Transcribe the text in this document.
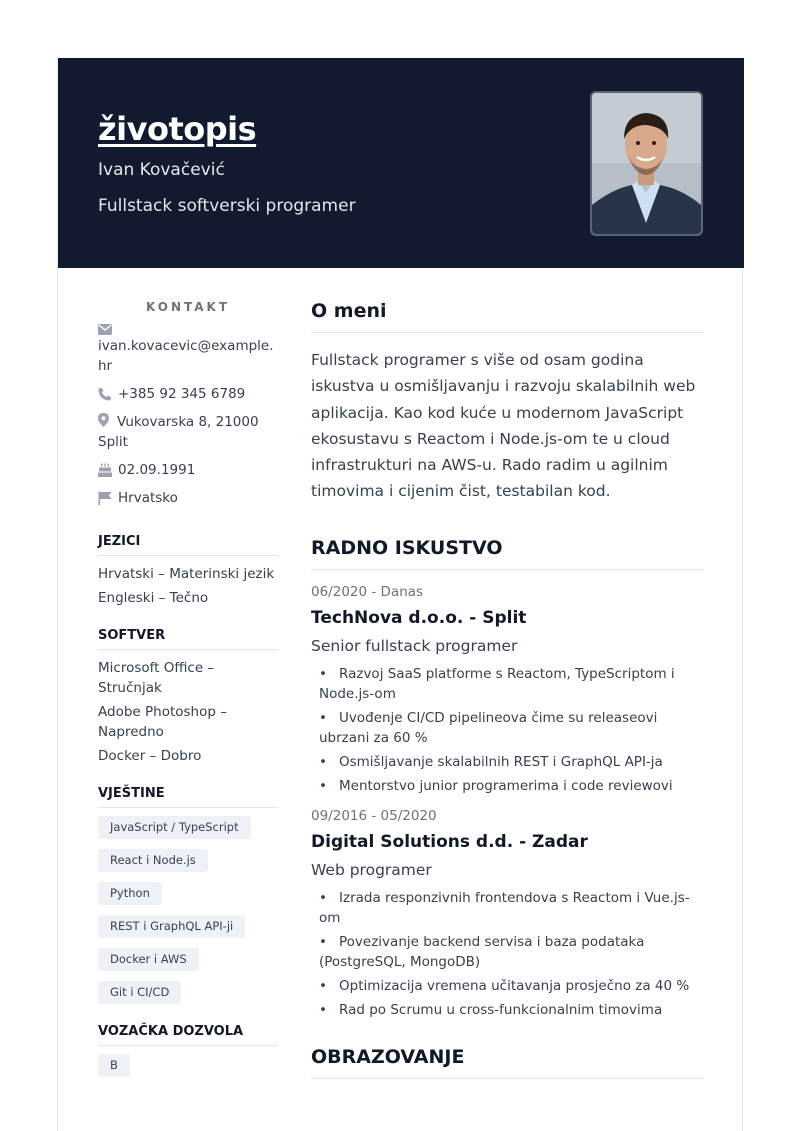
životopis
Ivan Kovačević
Fullstack softverski programer
KONTAKT
ivan.kovacevic@example.hr
+385 92 345 6789
Vukovarska 8, 21000 Split
02.09.1991
Hrvatsko
JEZICI
Hrvatski – Materinski jezik
Engleski – Tečno
SOFTVER
Microsoft Office – Stručnjak
Adobe Photoshop – Napredno
Docker – Dobro
VJEŠTINE
JavaScript / TypeScript
React i Node.js
Python
REST i GraphQL API-ji
Docker i AWS
Git i CI/CD
VOZAČKA DOZVOLA
B
O meni

Fullstack programer s više od osam godina iskustva u osmišljavanju i razvoju skalabilnih web aplikacija. Kao kod kuće u modernom JavaScript ekosustavu s Reactom i Node.js-om te u cloud infrastrukturi na AWS-u. Rado radim u agilnim timovima i cijenim čist, testabilan kod.

RADNO ISKUSTVO
06/2020 - Danas
TechNova d.o.o. - Split
Senior fullstack programer
• Razvoj SaaS platforme s Reactom, TypeScriptom i Node.js-om
• Uvođenje CI/CD pipelineova čime su releaseovi ubrzani za 60 %
• Osmišljavanje skalabilnih REST i GraphQL API-ja
• Mentorstvo junior programerima i code reviewovi
09/2016 - 05/2020
Digital Solutions d.d. - Zadar
Web programer
• Izrada responzivnih frontendova s Reactom i Vue.js-om
• Povezivanje backend servisa i baza podataka (PostgreSQL, MongoDB)
• Optimizacija vremena učitavanja prosječno za 40 %
• Rad po Scrumu u cross-funkcionalnim timovima
OBRAZOVANJE
